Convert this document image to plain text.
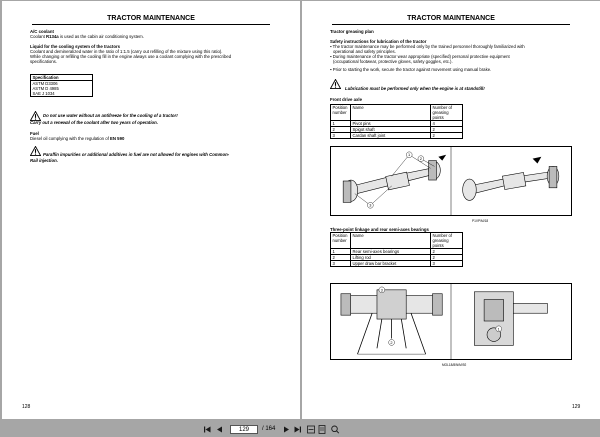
TRACTOR MAINTENANCE
A/C coolant
Coolant R134a is used as the cabin air conditioning system.
Liquid for the cooling system of the tractors
Coolant and demineralized water in the ratio of 1:1.5 (carry out refilling of the mixture using this ratio).
While changing or refilling the cooling fill in the engine always use a coolant complying with the prescribed
specifications.
Specification
ASTM D3306
ASTM D 4985
SAE J 1034
Do not use water without an antifreeze for the cooling of a tractor!
Carry out a renewal of the coolant after two years of operation.
Fuel
Diesel oil complying with the regulation of EN 590
Paraffin impurities or additional additives in fuel are not allowed for engines with Common-
Rail injection.
128
TRACTOR MAINTENANCE
Tractor greasing plan
Safety instructions for lubrication of the tractor
▪ The tractor maintenance may be performed only by the trained personnel thoroughly familiarized with
operational and safety principles.
▪ During maintenance of the tractor wear appropriate (specified) personal protective equipment
(occupational footwear, protective gloves, safety goggles, etc.).
▪ Prior to starting the work, secure the tractor against movement using manual brake.
Lubrication must be performed only when the engine is at standstill!
Front drive axle
Position number	Name	Number of greasing points
1	Pivot pins	4
2	Spigot shaft	2
3	Cardan shaft joint	2
1
2
3
P1VP/M/18
Three-point linkage and rear semi-axes bearings
Position number	Name	Number of greasing points
1	Rear semi-axes bearings	2
2	Lifting rod	2
3	Upper draw bar bracket	3
3
2
1
MOL18/8/N/M/92
129
129	/ 164
